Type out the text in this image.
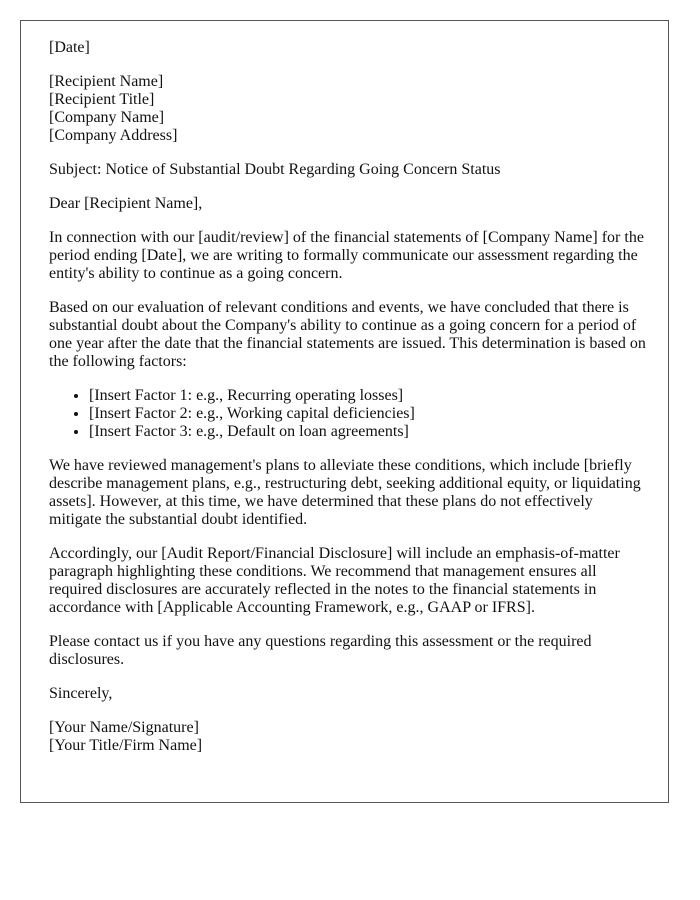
[Date]

[Recipient Name]
[Recipient Title]
[Company Name]
[Company Address]

Subject: Notice of Substantial Doubt Regarding Going Concern Status

Dear [Recipient Name],

In connection with our [audit/review] of the financial statements of [Company Name] for the period ending [Date], we are writing to formally communicate our assessment regarding the entity's ability to continue as a going concern.

Based on our evaluation of relevant conditions and events, we have concluded that there is substantial doubt about the Company's ability to continue as a going concern for a period of one year after the date that the financial statements are issued. This determination is based on the following factors:

• [Insert Factor 1: e.g., Recurring operating losses]
• [Insert Factor 2: e.g., Working capital deficiencies]
• [Insert Factor 3: e.g., Default on loan agreements]

We have reviewed management's plans to alleviate these conditions, which include [briefly describe management plans, e.g., restructuring debt, seeking additional equity, or liquidating assets]. However, at this time, we have determined that these plans do not effectively mitigate the substantial doubt identified.

Accordingly, our [Audit Report/Financial Disclosure] will include an emphasis-of-matter paragraph highlighting these conditions. We recommend that management ensures all required disclosures are accurately reflected in the notes to the financial statements in accordance with [Applicable Accounting Framework, e.g., GAAP or IFRS].

Please contact us if you have any questions regarding this assessment or the required disclosures.

Sincerely,

[Your Name/Signature]
[Your Title/Firm Name]
